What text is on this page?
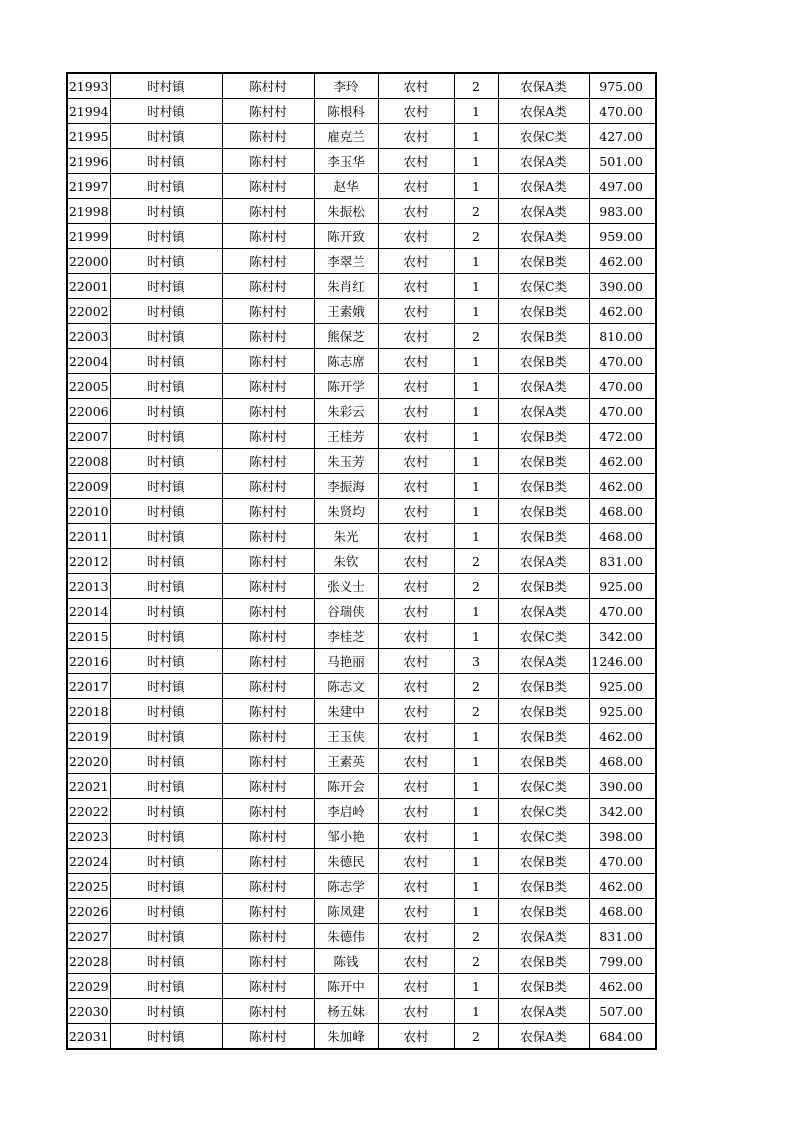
21993	时村镇	陈村村	李玲	农村	2	农保A类	975.00
21994	时村镇	陈村村	陈根科	农村	1	农保A类	470.00
21995	时村镇	陈村村	雇克兰	农村	1	农保C类	427.00
21996	时村镇	陈村村	李玉华	农村	1	农保A类	501.00
21997	时村镇	陈村村	赵华	农村	1	农保A类	497.00
21998	时村镇	陈村村	朱振松	农村	2	农保A类	983.00
21999	时村镇	陈村村	陈开致	农村	2	农保A类	959.00
22000	时村镇	陈村村	李翠兰	农村	1	农保B类	462.00
22001	时村镇	陈村村	朱肖红	农村	1	农保C类	390.00
22002	时村镇	陈村村	王素娥	农村	1	农保B类	462.00
22003	时村镇	陈村村	熊保芝	农村	2	农保B类	810.00
22004	时村镇	陈村村	陈志席	农村	1	农保B类	470.00
22005	时村镇	陈村村	陈开学	农村	1	农保A类	470.00
22006	时村镇	陈村村	朱彩云	农村	1	农保A类	470.00
22007	时村镇	陈村村	王桂芳	农村	1	农保B类	472.00
22008	时村镇	陈村村	朱玉芳	农村	1	农保B类	462.00
22009	时村镇	陈村村	李振海	农村	1	农保B类	462.00
22010	时村镇	陈村村	朱贤均	农村	1	农保B类	468.00
22011	时村镇	陈村村	朱光	农村	1	农保B类	468.00
22012	时村镇	陈村村	朱钦	农村	2	农保A类	831.00
22013	时村镇	陈村村	张义士	农村	2	农保B类	925.00
22014	时村镇	陈村村	谷瑞侠	农村	1	农保A类	470.00
22015	时村镇	陈村村	李桂芝	农村	1	农保C类	342.00
22016	时村镇	陈村村	马艳丽	农村	3	农保A类	1246.00
22017	时村镇	陈村村	陈志文	农村	2	农保B类	925.00
22018	时村镇	陈村村	朱建中	农村	2	农保B类	925.00
22019	时村镇	陈村村	王玉侠	农村	1	农保B类	462.00
22020	时村镇	陈村村	王素英	农村	1	农保B类	468.00
22021	时村镇	陈村村	陈开会	农村	1	农保C类	390.00
22022	时村镇	陈村村	李启岭	农村	1	农保C类	342.00
22023	时村镇	陈村村	邹小艳	农村	1	农保C类	398.00
22024	时村镇	陈村村	朱德民	农村	1	农保B类	470.00
22025	时村镇	陈村村	陈志学	农村	1	农保B类	462.00
22026	时村镇	陈村村	陈凤建	农村	1	农保B类	468.00
22027	时村镇	陈村村	朱德伟	农村	2	农保A类	831.00
22028	时村镇	陈村村	陈钱	农村	2	农保B类	799.00
22029	时村镇	陈村村	陈开中	农村	1	农保B类	462.00
22030	时村镇	陈村村	杨五妹	农村	1	农保A类	507.00
22031	时村镇	陈村村	朱加峰	农村	2	农保A类	684.00
